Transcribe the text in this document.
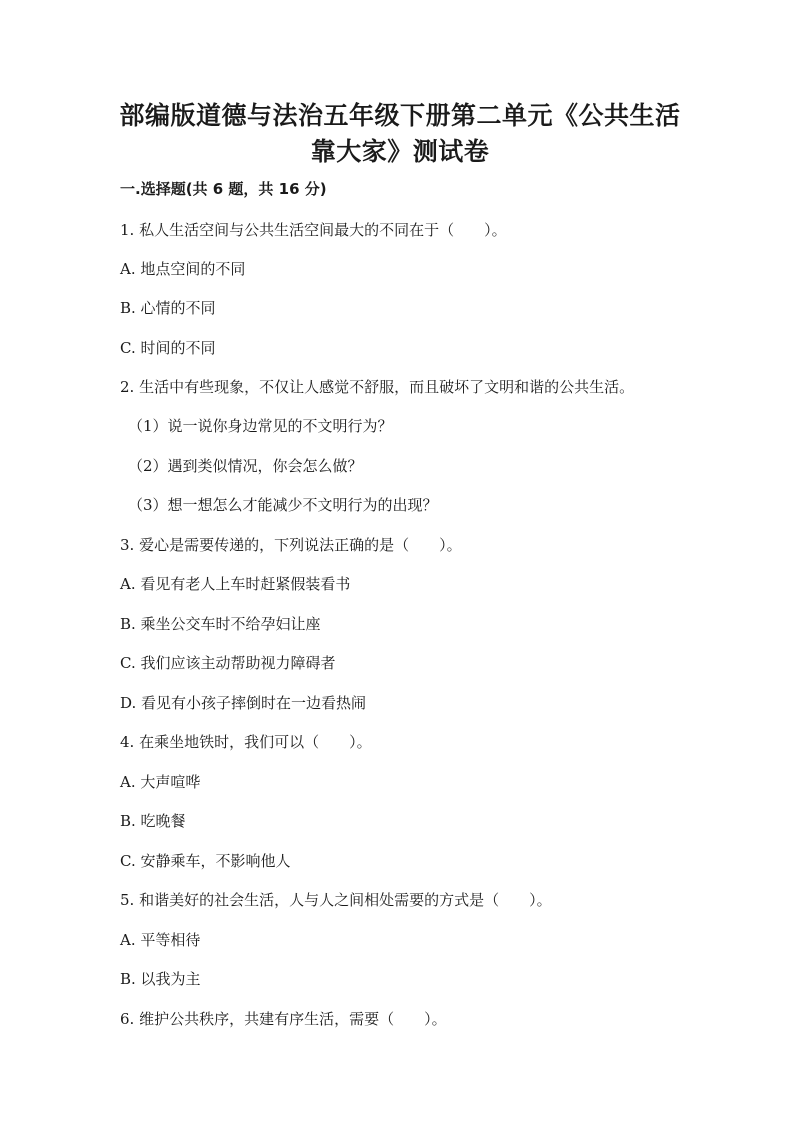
部编版道德与法治五年级下册第二单元《公共生活
靠大家》测试卷
一.选择题(共 6 题，共 16 分)
1. 私人生活空间与公共生活空间最大的不同在于（　　）。
A. 地点空间的不同
B. 心情的不同
C. 时间的不同
2. 生活中有些现象，不仅让人感觉不舒服，而且破坏了文明和谐的公共生活。
（1）说一说你身边常见的不文明行为？
（2）遇到类似情况，你会怎么做？
（3）想一想怎么才能减少不文明行为的出现？
3. 爱心是需要传递的，下列说法正确的是（　　）。
A. 看见有老人上车时赶紧假装看书
B. 乘坐公交车时不给孕妇让座
C. 我们应该主动帮助视力障碍者
D. 看见有小孩子摔倒时在一边看热闹
4. 在乘坐地铁时，我们可以（　　）。
A. 大声喧哗
B. 吃晚餐
C. 安静乘车，不影响他人
5. 和谐美好的社会生活，人与人之间相处需要的方式是（　　）。
A. 平等相待
B. 以我为主
6. 维护公共秩序，共建有序生活，需要（　　）。
